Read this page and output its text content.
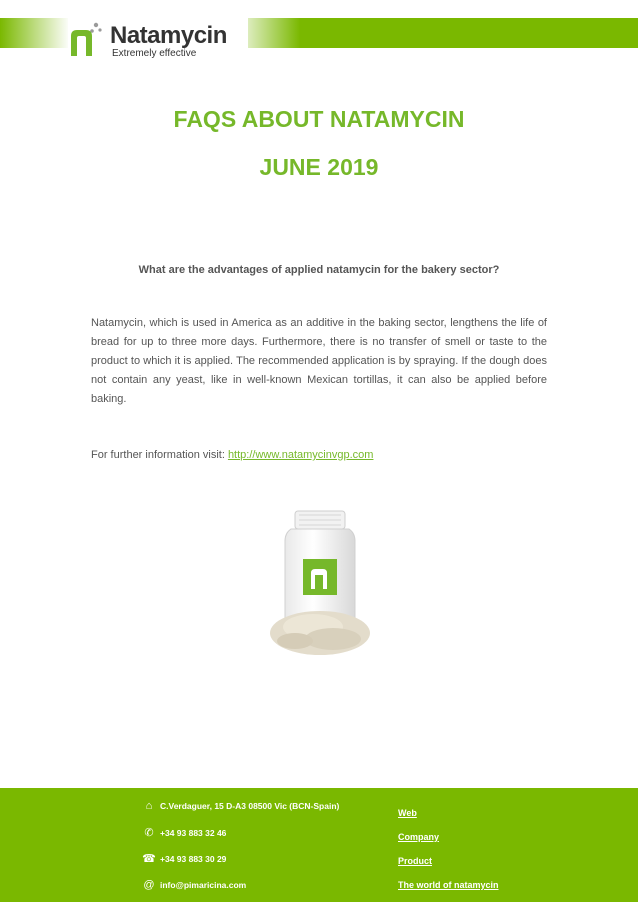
Natamycin
Extremely effective
FAQS ABOUT NATAMYCIN
JUNE 2019
What are the advantages of applied natamycin for the bakery sector?
Natamycin, which is used in America as an additive in the baking sector, lengthens the life of bread for up to three more days. Furthermore, there is no transfer of smell or taste to the product to which it is applied. The recommended application is by spraying. If the dough does not contain any yeast, like in well-known Mexican tortillas, it can also be applied before baking.
For further information visit: http://www.natamycinvgp.com
⌂ C.Verdaguer, 15 D-A3 08500 Vic (BCN-Spain)
✆ +34 93 883 32 46
☎ +34 93 883 30 29
@ info@pimaricina.com
Web
Company
Product
The world of natamycin
